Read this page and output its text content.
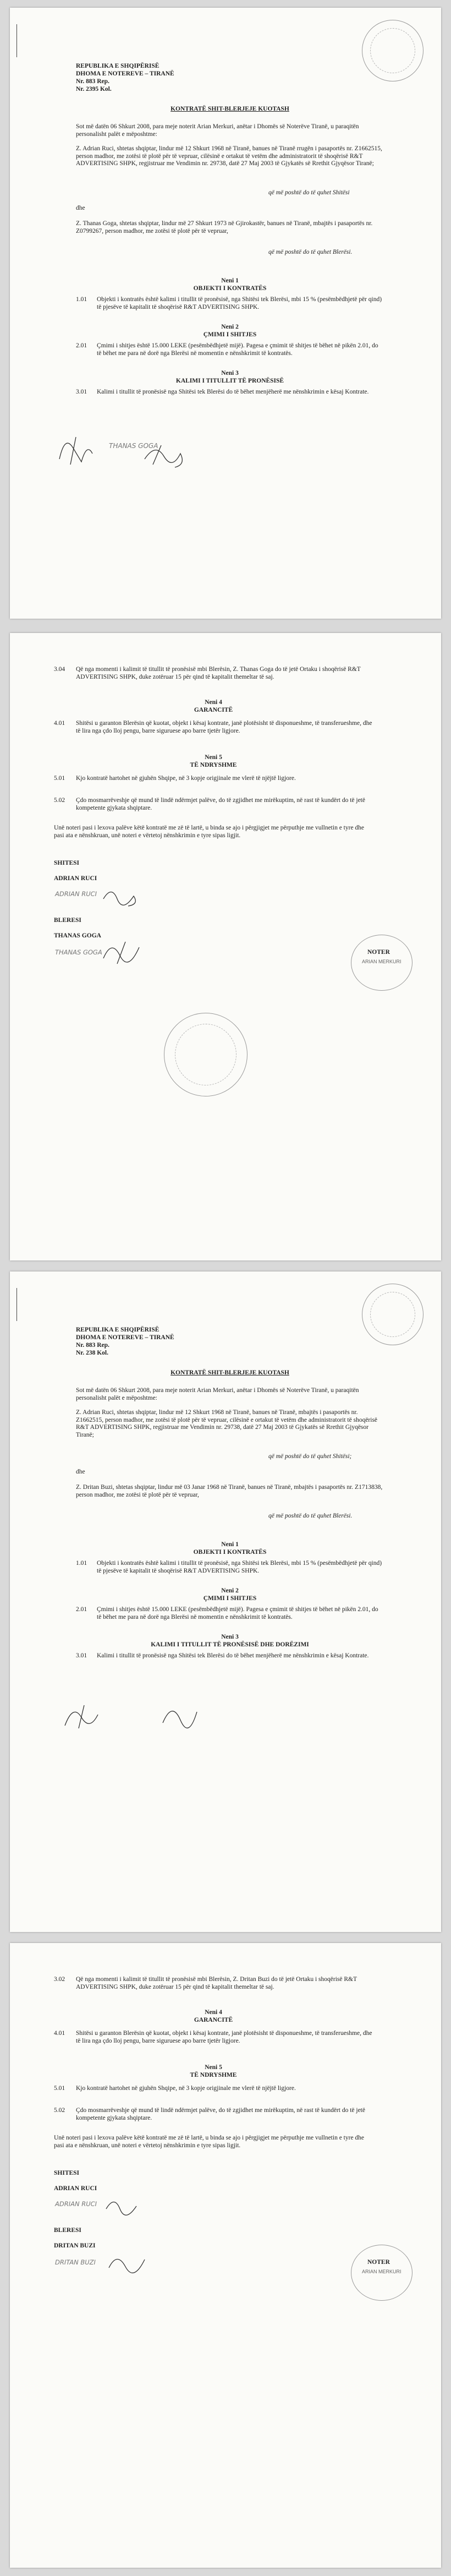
REPUBLIKA E SHQIPËRISË
DHOMA E NOTEREVE – TIRANË
Nr. 883 Rep.
Nr. 2395 Kol.
KONTRATË SHIT-BLERJEJE KUOTASH
Sot më datën 06 Shkurt 2008, para meje noterit Arian Merkuri, anëtar i Dhomës së Noterëve Tiranë, u paraqitën personalisht palët e mëposhtme:
Z. Adrian Ruci, shtetas shqiptar, lindur më 12 Shkurt 1968 në Tiranë, banues në Tiranë rrugën i pasaportës nr. Z1662515, person madhor, me zotësi të plotë për të vepruar, cilësinë e ortakut të vetëm dhe administratorit të shoqërisë R&T ADVERTISING SHPK, regjistruar me Vendimin nr. 29738, datë 27 Maj 2003 të Gjykatës së Rrethit Gjyqësor Tiranë;
që më poshtë do të quhet Shitësi
dhe
Z. Thanas Goga, shtetas shqiptar, lindur më 27 Shkurt 1973 në Gjirokastër, banues në Tiranë, mbajtës i pasaportës nr. Z0799267, person madhor, me zotësi të plotë për të vepruar,
që më poshtë do të quhet Blerësi.
Neni 1
OBJEKTI I KONTRATËS
1.01 Objekti i kontratës është kalimi i titullit të pronësisë, nga Shitësi tek Blerësi, mbi 15 % (pesëmbëdhjetë për qind) të pjesëve të kapitalit të shoqërisë R&T ADVERTISING SHPK.
Neni 2
ÇMIMI I SHITJES
2.01 Çmimi i shitjes është 15.000 LEKE (pesëmbëdhjetë mijë). Pagesa e çmimit të shitjes të bëhet në pikën 2.01, do të bëhet me para në dorë nga Blerësi në momentin e nënshkrimit të kontratës.
Neni 3
KALIMI I TITULLIT TË PRONËSISË
3.01 Kalimi i titullit të pronësisë nga Shitësi tek Blerësi do të bëhet menjëherë me nënshkrimin e kësaj Kontrate.
THANAS GOGA
3.04 Që nga momenti i kalimit të titullit të pronësisë mbi Blerësin, Z. Thanas Goga do të jetë Ortaku i shoqërisë R&T ADVERTISING SHPK, duke zotëruar 15 për qind të kapitalit themeltar të saj.
Neni 4
GARANCITË
4.01 Shitësi u garanton Blerësin që kuotat, objekt i kësaj kontrate, janë plotësisht të disponueshme, të transferueshme, dhe të lira nga çdo lloj pengu, barre siguruese apo barre tjetër ligjore.
Neni 5
TË NDRYSHME
5.01 Kjo kontratë hartohet në gjuhën Shqipe, në 3 kopje origjinale me vlerë të njëjtë ligjore.
5.02 Çdo mosmarrëveshje që mund të lindë ndërmjet palëve, do të zgjidhet me mirëkuptim, në rast të kundërt do të jetë kompetente gjykata shqiptare.
Unë noteri pasi i lexova palëve këtë kontratë me zë të lartë, u binda se ajo i përgjigjet me përputhje me vullnetin e tyre dhe pasi ata e nënshkruan, unë noteri e vërtetoj nënshkrimin e tyre sipas ligjit.
SHITESI
ADRIAN RUCI
ADRIAN RUCI
BLERESI
THANAS GOGA
THANAS GOGA	NOTER
ARIAN MERKURI
REPUBLIKA E SHQIPËRISË
DHOMA E NOTEREVE – TIRANË
Nr. 883 Rep.
Nr. 238 Kol.
KONTRATË SHIT-BLERJEJE KUOTASH
Sot më datën 06 Shkurt 2008, para meje noterit Arian Merkuri, anëtar i Dhomës së Noterëve Tiranë, u paraqitën personalisht palët e mëposhtme:
Z. Adrian Ruci, shtetas shqiptar, lindur më 12 Shkurt 1968 në Tiranë, banues në Tiranë, mbajtës i pasaportës nr. Z1662515, person madhor, me zotësi të plotë për të vepruar, cilësinë e ortakut të vetëm dhe administratorit të shoqërisë R&T ADVERTISING SHPK, regjistruar me Vendimin nr. 29738, datë 27 Maj 2003 të Gjykatës së Rrethit Gjyqësor Tiranë;
që më poshtë do të quhet Shitësi;
dhe
Z. Dritan Buzi, shtetas shqiptar, lindur më 03 Janar 1968 në Tiranë, banues në Tiranë, mbajtës i pasaportës nr. Z1713838, person madhor, me zotësi të plotë për të vepruar,
që më poshtë do të quhet Blerësi.
Neni 1
OBJEKTI I KONTRATËS
1.01 Objekti i kontratës është kalimi i titullit të pronësisë, nga Shitësi tek Blerësi, mbi 15 % (pesëmbëdhjetë për qind) të pjesëve të kapitalit të shoqërisë R&T ADVERTISING SHPK.
Neni 2
ÇMIMI I SHITJES
2.01 Çmimi i shitjes është 15.000 LEKE (pesëmbëdhjetë mijë). Pagesa e çmimit të shitjes të bëhet në pikën 2.01, do të bëhet me para në dorë nga Blerësi në momentin e nënshkrimit të kontratës.
Neni 3
KALIMI I TITULLIT TË PRONËSISË DHE DORËZIMI
3.01 Kalimi i titullit të pronësisë nga Shitësi tek Blerësi do të bëhet menjëherë me nënshkrimin e kësaj Kontrate.
3.02 Që nga momenti i kalimit të titullit të pronësisë mbi Blerësin, Z. Dritan Buzi do të jetë Ortaku i shoqërisë R&T ADVERTISING SHPK, duke zotëruar 15 për qind të kapitalit themeltar të saj.
Neni 4
GARANCITË
4.01 Shitësi u garanton Blerësin që kuotat, objekt i kësaj kontrate, janë plotësisht të disponueshme, të transferueshme, dhe të lira nga çdo lloj pengu, barre siguruese apo barre tjetër ligjore.
Neni 5
TË NDRYSHME
5.01 Kjo kontratë hartohet në gjuhën Shqipe, në 3 kopje origjinale me vlerë të njëjtë ligjore.
5.02 Çdo mosmarrëveshje që mund të lindë ndërmjet palëve, do të zgjidhet me mirëkuptim, në rast të kundërt do të jetë kompetente gjykata shqiptare.
Unë noteri pasi i lexova palëve këtë kontratë me zë të lartë, u binda se ajo i përgjigjet me përputhje me vullnetin e tyre dhe pasi ata e nënshkruan, unë noteri e vërtetoj nënshkrimin e tyre sipas ligjit.
SHITESI
ADRIAN RUCI
ADRIAN RUCI
BLERESI
DRITAN BUZI
DRITAN BUZI	NOTER
ARIAN MERKURI
